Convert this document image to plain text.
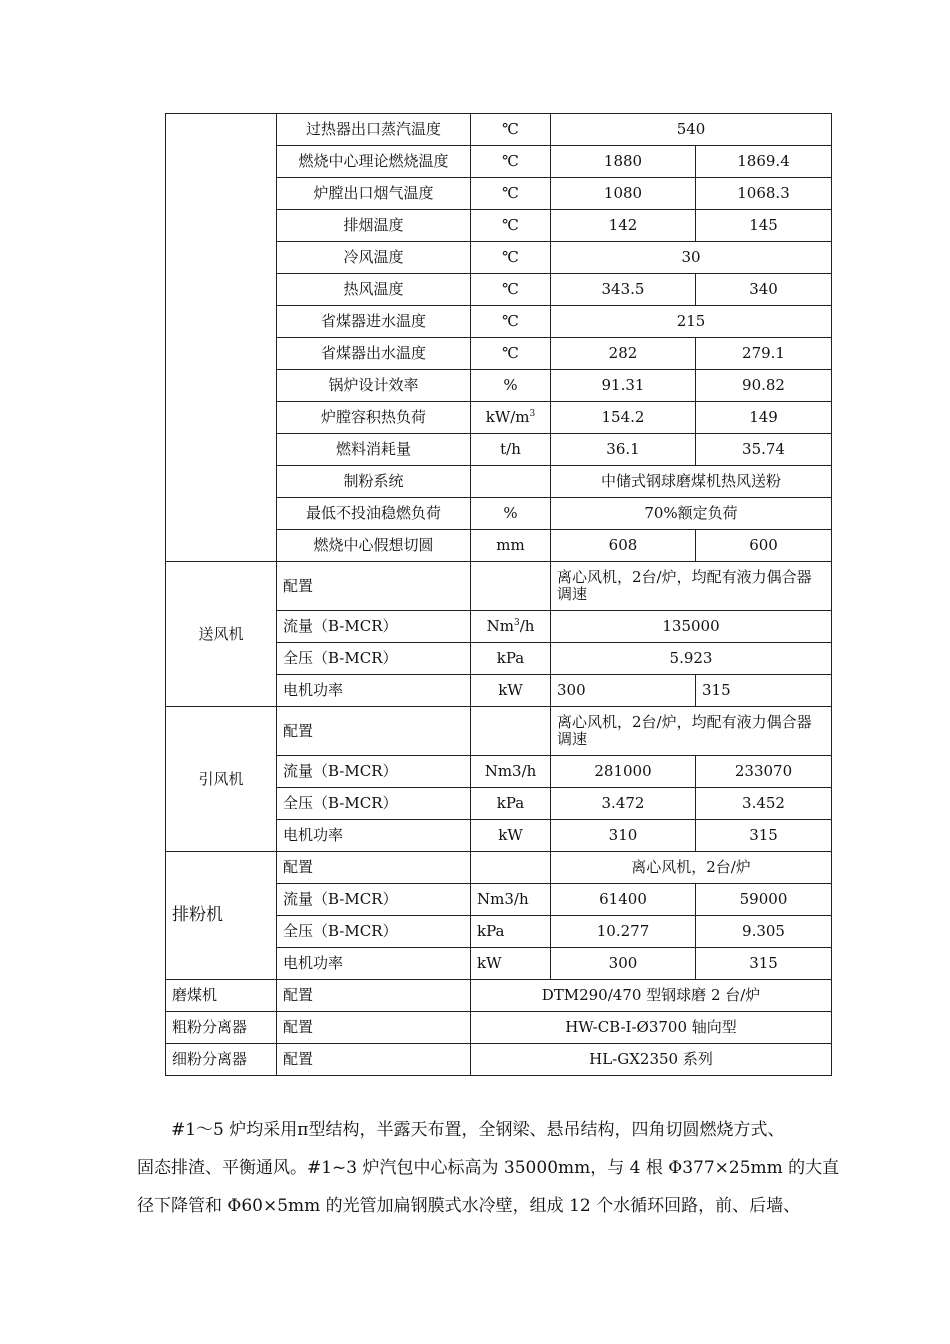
	过热器出口蒸汽温度	℃	540	
	燃烧中心理论燃烧温度	℃	1880	1869.4
	炉膛出口烟气温度	℃	1080	1068.3
	排烟温度	℃	142	145
	冷风温度	℃	30	
	热风温度	℃	343.5	340
	省煤器进水温度	℃	215	
	省煤器出水温度	℃	282	279.1
	锅炉设计效率	%	91.31	90.82
	炉膛容积热负荷	$kW/m^3$	154.2	149
	燃料消耗量	t/h	36.1	35.74
	制粉系统		中储式钢球磨煤机热风送粉	
	最低不投油稳燃负荷	%	70%额定负荷	
	燃烧中心假想切圆	mm	608	600
送风机	配置		离心风机，2台/炉，均配有液力偶合器调速	
	流量（B-MCR）	Nm$^3$/h	135000	
	全压（B-MCR）	kPa	5.923	
	电机功率	kW	300	315
引风机	配置		离心风机，2台/炉，均配有液力偶合器调速	
	流量（B-MCR）	Nm3/h	281000	233070
	全压（B-MCR）	kPa	3.472	3.452
	电机功率	kW	310	315
排粉机	配置		离心风机，2台/炉	
	流量（B-MCR）	Nm3/h	61400	59000
	全压（B-MCR）	kPa	10.277	9.305
	电机功率	kW	300	315
磨煤机	配置	DTM290/470 型钢球磨 2 台/炉		
粗粉分离器	配置	HW-CB-I-Ø3700 轴向型		
细粉分离器	配置	HL-GX2350 系列		

#1～5 炉均采用π型结构，半露天布置，全钢梁、悬吊结构，四角切圆燃烧方式、

固态排渣、平衡通风。#1~3 炉汽包中心标高为 35000mm，与 4 根 Φ377×25mm 的大直

径下降管和 Φ60×5mm 的光管加扁钢膜式水冷壁，组成 12 个水循环回路，前、后墙、
